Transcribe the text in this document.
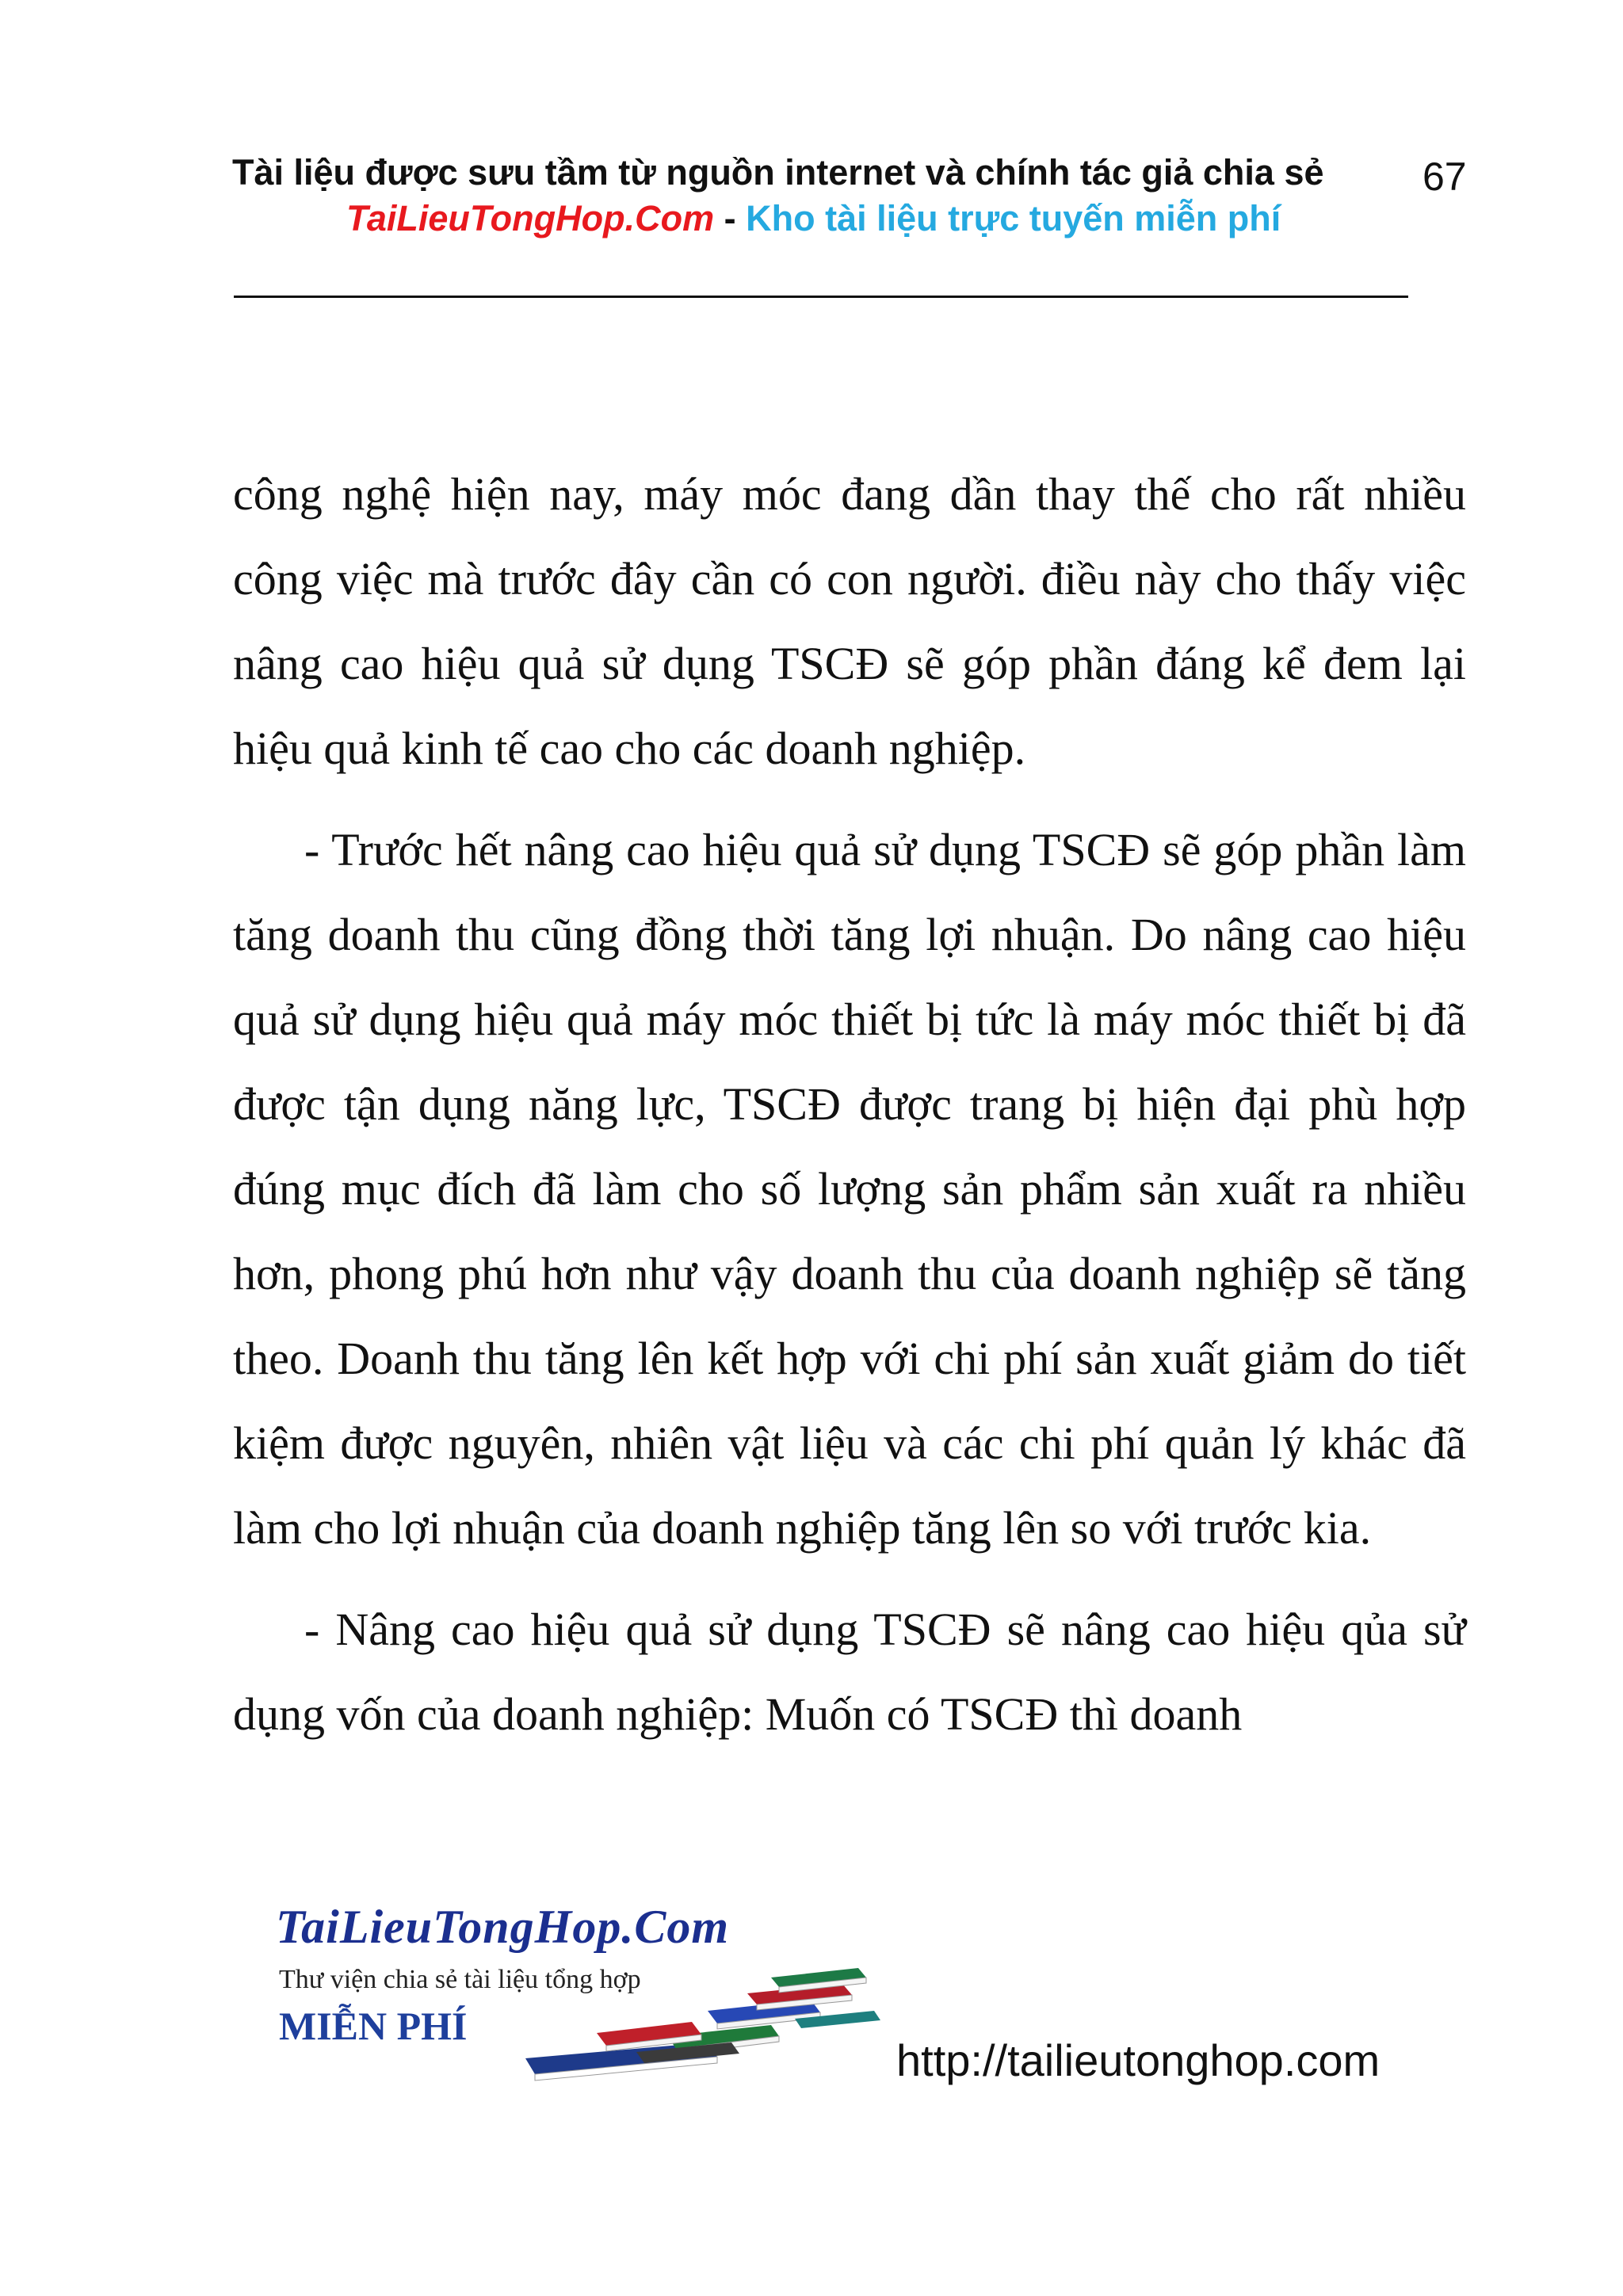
Tài liệu được sưu tầm từ nguồn internet và chính tác giả chia sẻ 67
TaiLieuTongHop.Com - Kho tài liệu trực tuyến miễn phí

công nghệ hiện nay, máy móc đang dần thay thế cho rất nhiều công việc mà trước đây cần có con người. điều này cho thấy việc nâng cao hiệu quả sử dụng TSCĐ sẽ góp phần đáng kể đem lại hiệu quả kinh tế cao cho các doanh nghiệp.

- Trước hết nâng cao hiệu quả sử dụng TSCĐ sẽ góp phần làm tăng doanh thu cũng đồng thời tăng lợi nhuận. Do nâng cao hiệu quả sử dụng hiệu quả máy móc thiết bị tức là máy móc thiết bị đã được tận dụng năng lực, TSCĐ được trang bị hiện đại phù hợp đúng mục đích đã làm cho số lượng sản phẩm sản xuất ra nhiều hơn, phong phú hơn như vậy doanh thu của doanh nghiệp sẽ tăng theo. Doanh thu tăng lên kết hợp với chi phí sản xuất giảm do tiết kiệm được nguyên, nhiên vật liệu và các chi phí quản lý khác đã làm cho lợi nhuận của doanh nghiệp tăng lên so với trước kia.

- Nâng cao hiệu quả sử dụng TSCĐ sẽ nâng cao hiệu qủa sử dụng vốn của doanh nghiệp: Muốn có TSCĐ thì doanh

TaiLieuTongHop.Com
Thư viện chia sẻ tài liệu tổng hợp
MIỄN PHÍ
http://tailieutonghop.com
